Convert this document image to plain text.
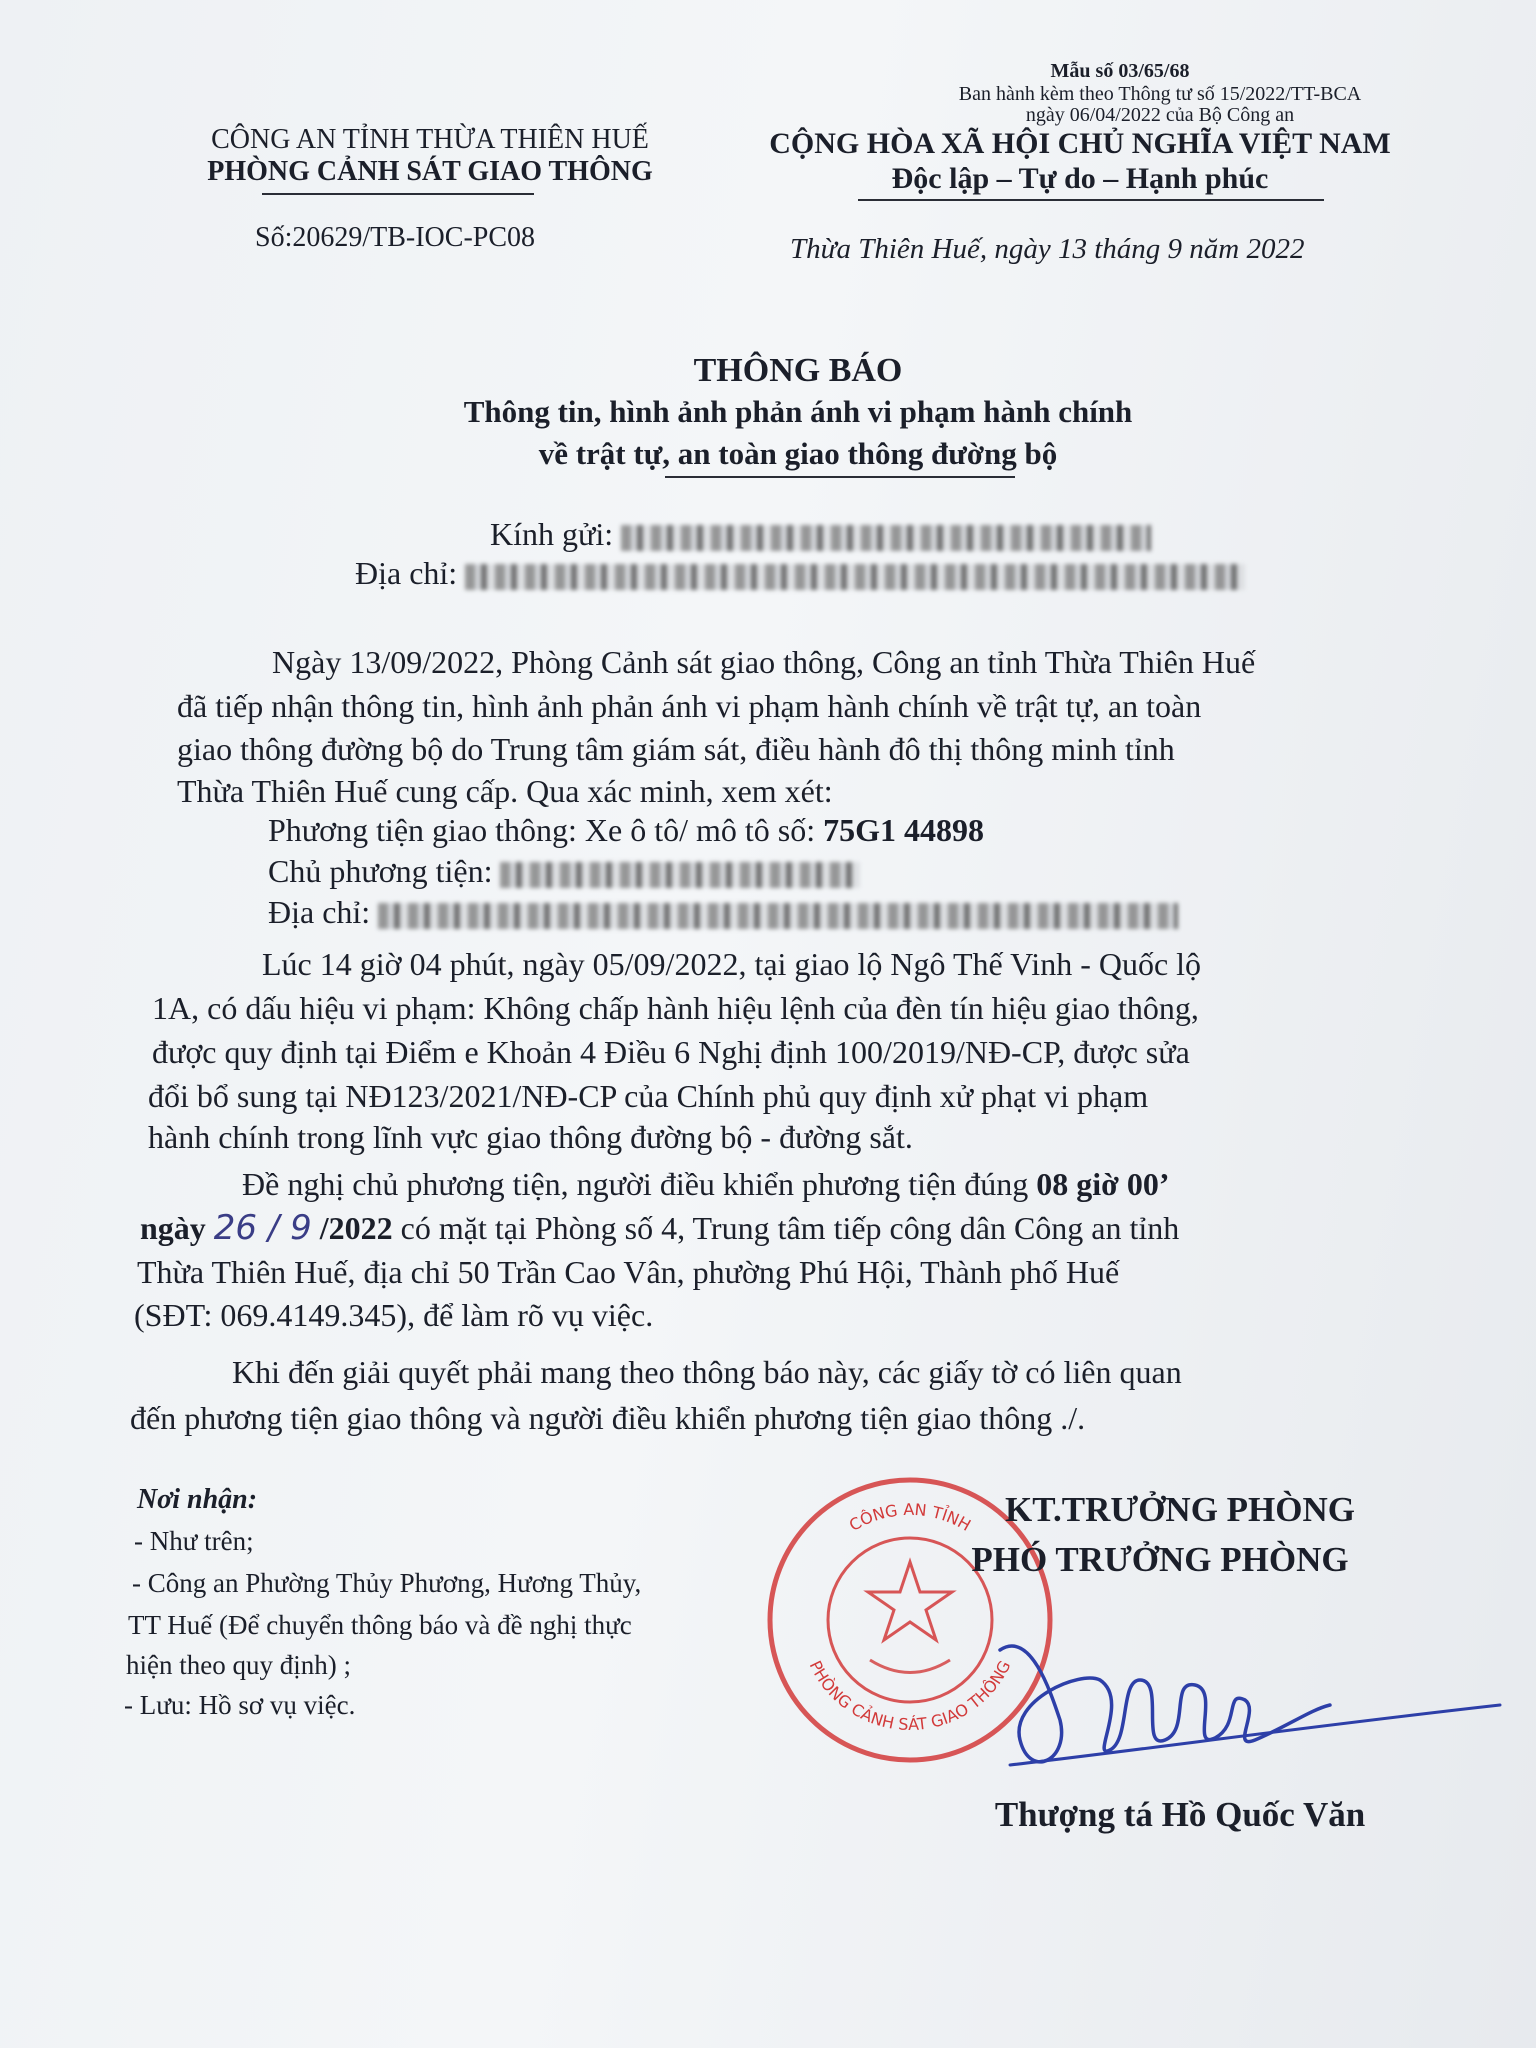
Mẫu số 03/65/68
Ban hành kèm theo Thông tư số 15/2022/TT-BCA
ngày 06/04/2022 của Bộ Công an
CÔNG AN TỈNH THỪA THIÊN HUẾ
PHÒNG CẢNH SÁT GIAO THÔNG
Số:20629/TB-IOC-PC08
CỘNG HÒA XÃ HỘI CHỦ NGHĨA VIỆT NAM
Độc lập – Tự do – Hạnh phúc
Thừa Thiên Huế, ngày 13 tháng 9 năm 2022
THÔNG BÁO
Thông tin, hình ảnh phản ánh vi phạm hành chính
về trật tự, an toàn giao thông đường bộ
Kính gửi:
Địa chỉ:
Ngày 13/09/2022, Phòng Cảnh sát giao thông, Công an tỉnh Thừa Thiên Huế
đã tiếp nhận thông tin, hình ảnh phản ánh vi phạm hành chính về trật tự, an toàn
giao thông đường bộ do Trung tâm giám sát, điều hành đô thị thông minh tỉnh
Thừa Thiên Huế cung cấp. Qua xác minh, xem xét:
Phương tiện giao thông: Xe ô tô/ mô tô số: 75G1 44898
Chủ phương tiện:
Địa chỉ:
Lúc 14 giờ 04 phút, ngày 05/09/2022, tại giao lộ Ngô Thế Vinh - Quốc lộ
1A, có dấu hiệu vi phạm: Không chấp hành hiệu lệnh của đèn tín hiệu giao thông,
được quy định tại Điểm e Khoản 4 Điều 6 Nghị định 100/2019/NĐ-CP, được sửa
đổi bổ sung tại NĐ123/2021/NĐ-CP của Chính phủ quy định xử phạt vi phạm
hành chính trong lĩnh vực giao thông đường bộ - đường sắt.
Đề nghị chủ phương tiện, người điều khiển phương tiện đúng 08 giờ 00’
ngày 26 / 9 /2022 có mặt tại Phòng số 4, Trung tâm tiếp công dân Công an tỉnh
Thừa Thiên Huế, địa chỉ 50 Trần Cao Vân, phường Phú Hội, Thành phố Huế
(SĐT: 069.4149.345), để làm rõ vụ việc.
Khi đến giải quyết phải mang theo thông báo này, các giấy tờ có liên quan
đến phương tiện giao thông và người điều khiển phương tiện giao thông ./.
Nơi nhận:
- Như trên;
- Công an Phường Thủy Phương, Hương Thủy,
TT Huế (Để chuyển thông báo và đề nghị thực
hiện theo quy định) ;
- Lưu: Hồ sơ vụ việc.
CÔNG AN TỈNH
PHÒNG CẢNH SÁT GIAO THÔNG
KT.TRƯỞNG PHÒNG
PHÓ TRƯỞNG PHÒNG
Thượng tá Hồ Quốc Văn
